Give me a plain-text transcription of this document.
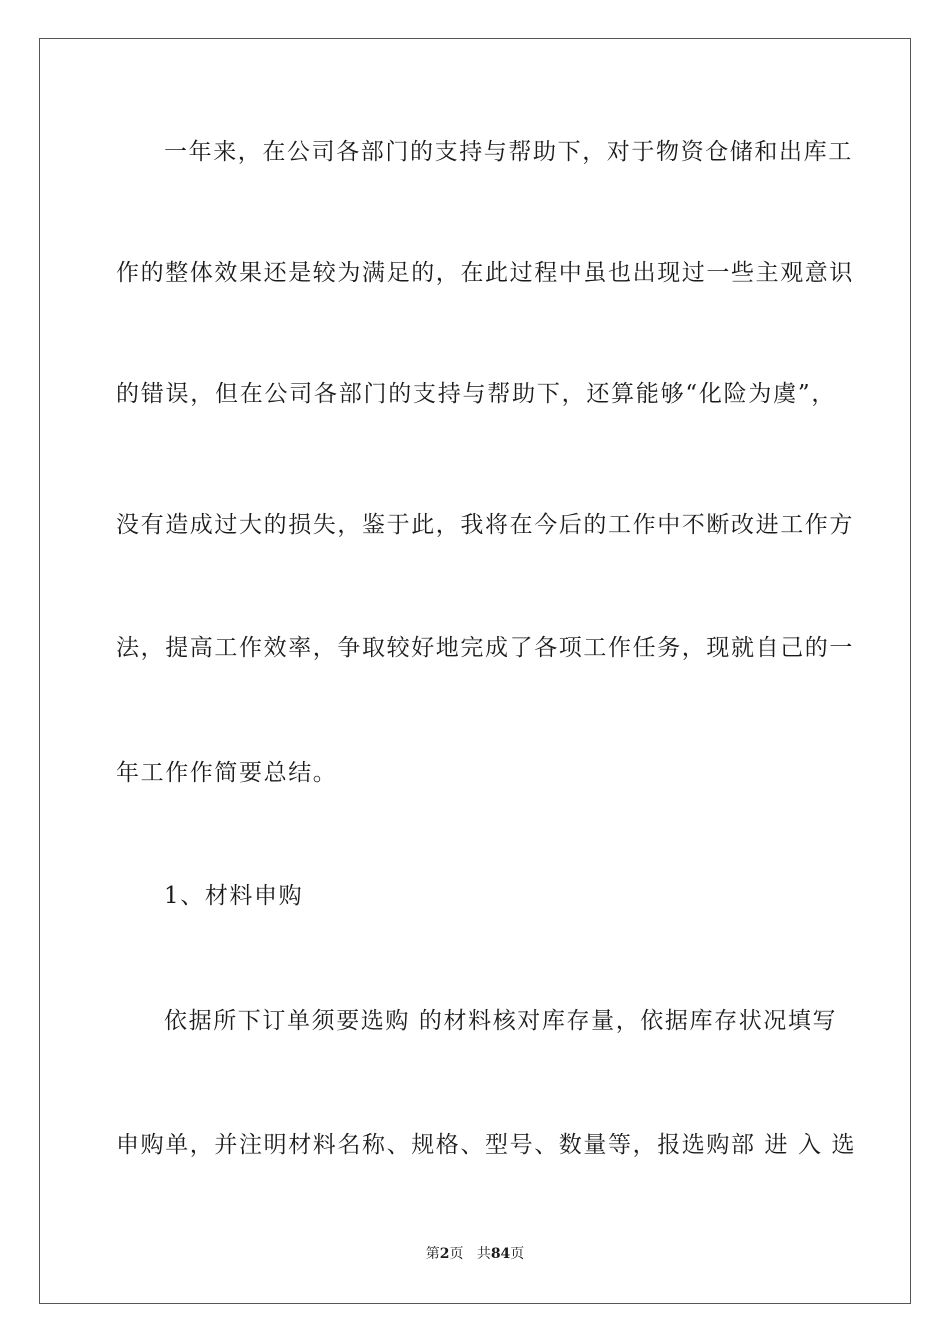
一年来，在公司各部门的支持与帮助下，对于物资仓储和出库工
作的整体效果还是较为满足的，在此过程中虽也出现过一些主观意识
的错误，但在公司各部门的支持与帮助下，还算能够“化险为虞”，
没有造成过大的损失，鉴于此，我将在今后的工作中不断改进工作方
法，提高工作效率，争取较好地完成了各项工作任务，现就自己的一
年工作作简要总结。
1、材料申购
依据所下订单须要选购 的材料核对库存量，依据库存状况填写
申购单，并注明材料名称、规格、型号、数量等，报选购部 进 入 选
第2页 共84页
